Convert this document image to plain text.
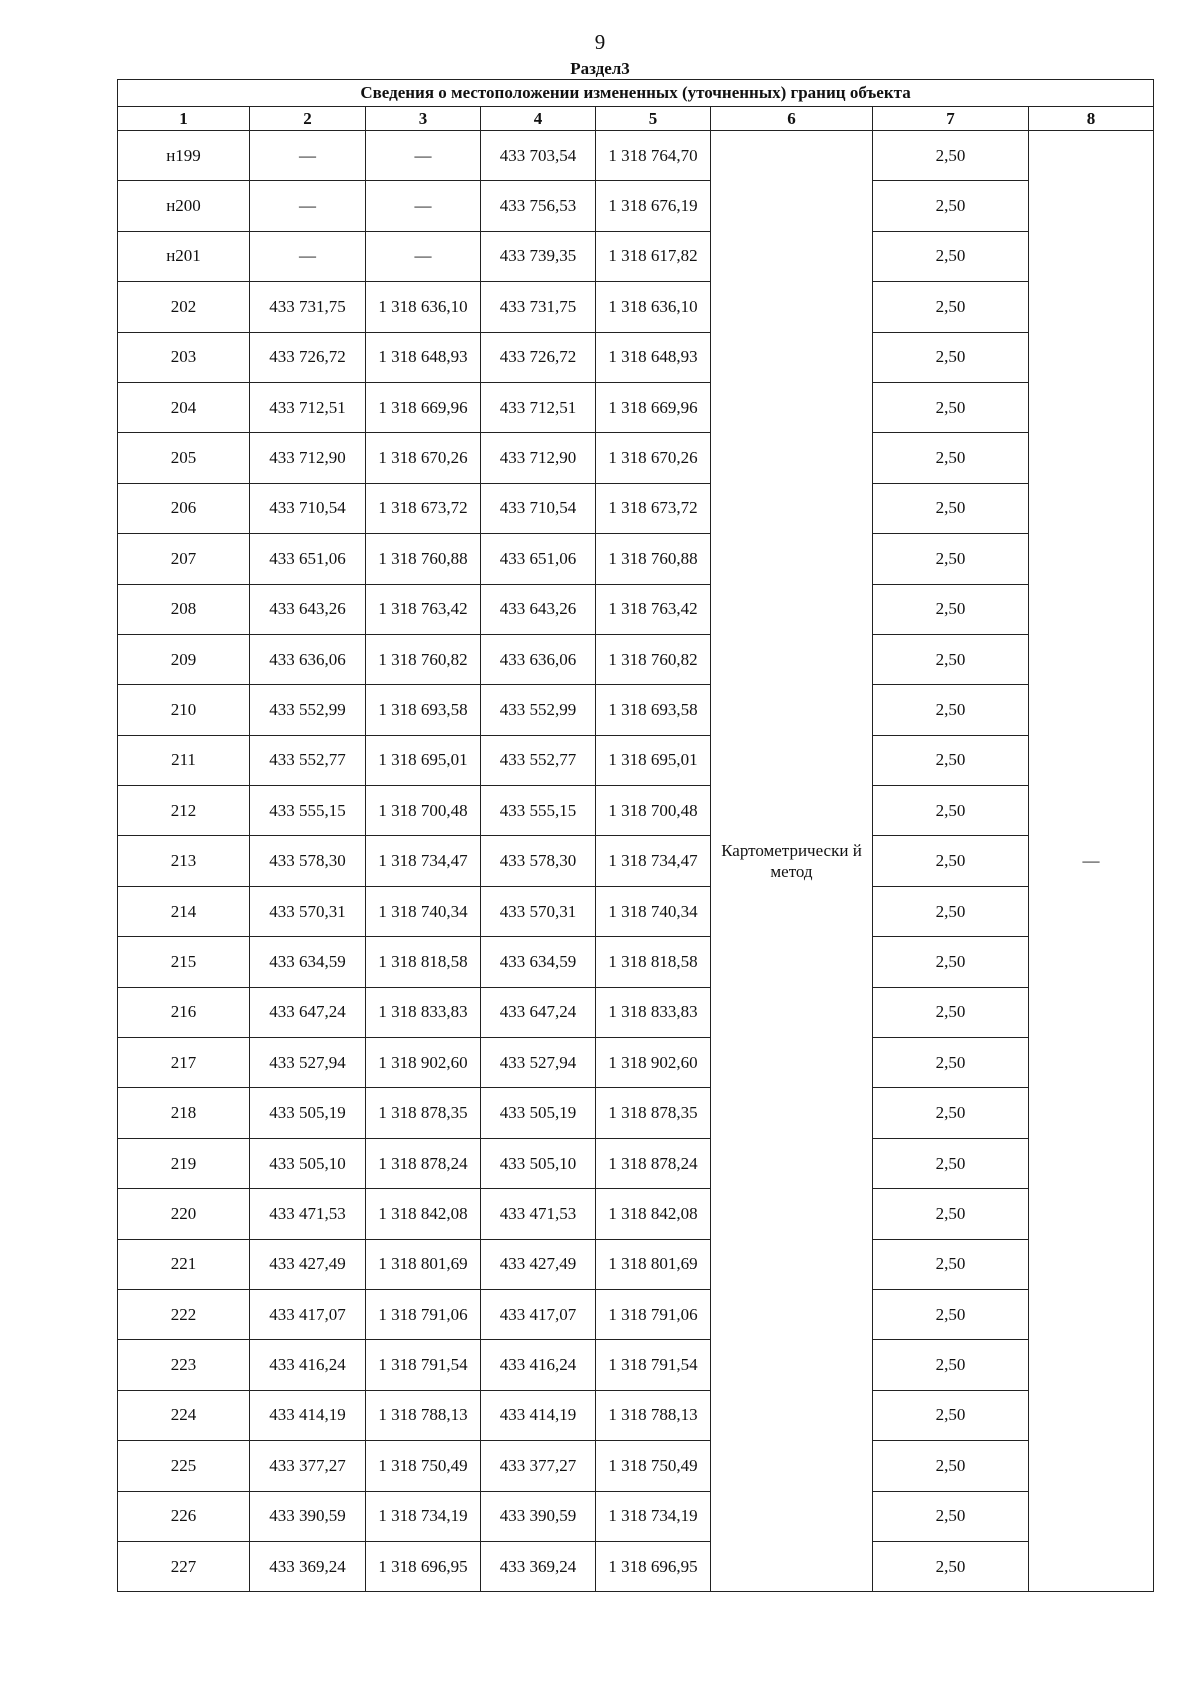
9
Раздел3
Сведения о местоположении измененных (уточненных) границ объекта							
1	2	3	4	5	6	7	8
н199	—	—	433 703,54	1 318 764,70	Картометрически й метод	2,50	—
н200	—	—	433 756,53	1 318 676,19		2,50	
н201	—	—	433 739,35	1 318 617,82		2,50	
202	433 731,75	1 318 636,10	433 731,75	1 318 636,10		2,50	
203	433 726,72	1 318 648,93	433 726,72	1 318 648,93		2,50	
204	433 712,51	1 318 669,96	433 712,51	1 318 669,96		2,50	
205	433 712,90	1 318 670,26	433 712,90	1 318 670,26		2,50	
206	433 710,54	1 318 673,72	433 710,54	1 318 673,72		2,50	
207	433 651,06	1 318 760,88	433 651,06	1 318 760,88		2,50	
208	433 643,26	1 318 763,42	433 643,26	1 318 763,42		2,50	
209	433 636,06	1 318 760,82	433 636,06	1 318 760,82		2,50	
210	433 552,99	1 318 693,58	433 552,99	1 318 693,58		2,50	
211	433 552,77	1 318 695,01	433 552,77	1 318 695,01		2,50	
212	433 555,15	1 318 700,48	433 555,15	1 318 700,48		2,50	
213	433 578,30	1 318 734,47	433 578,30	1 318 734,47		2,50	
214	433 570,31	1 318 740,34	433 570,31	1 318 740,34		2,50	
215	433 634,59	1 318 818,58	433 634,59	1 318 818,58		2,50	
216	433 647,24	1 318 833,83	433 647,24	1 318 833,83		2,50	
217	433 527,94	1 318 902,60	433 527,94	1 318 902,60		2,50	
218	433 505,19	1 318 878,35	433 505,19	1 318 878,35		2,50	
219	433 505,10	1 318 878,24	433 505,10	1 318 878,24		2,50	
220	433 471,53	1 318 842,08	433 471,53	1 318 842,08		2,50	
221	433 427,49	1 318 801,69	433 427,49	1 318 801,69		2,50	
222	433 417,07	1 318 791,06	433 417,07	1 318 791,06		2,50	
223	433 416,24	1 318 791,54	433 416,24	1 318 791,54		2,50	
224	433 414,19	1 318 788,13	433 414,19	1 318 788,13		2,50	
225	433 377,27	1 318 750,49	433 377,27	1 318 750,49		2,50	
226	433 390,59	1 318 734,19	433 390,59	1 318 734,19		2,50	
227	433 369,24	1 318 696,95	433 369,24	1 318 696,95		2,50	
